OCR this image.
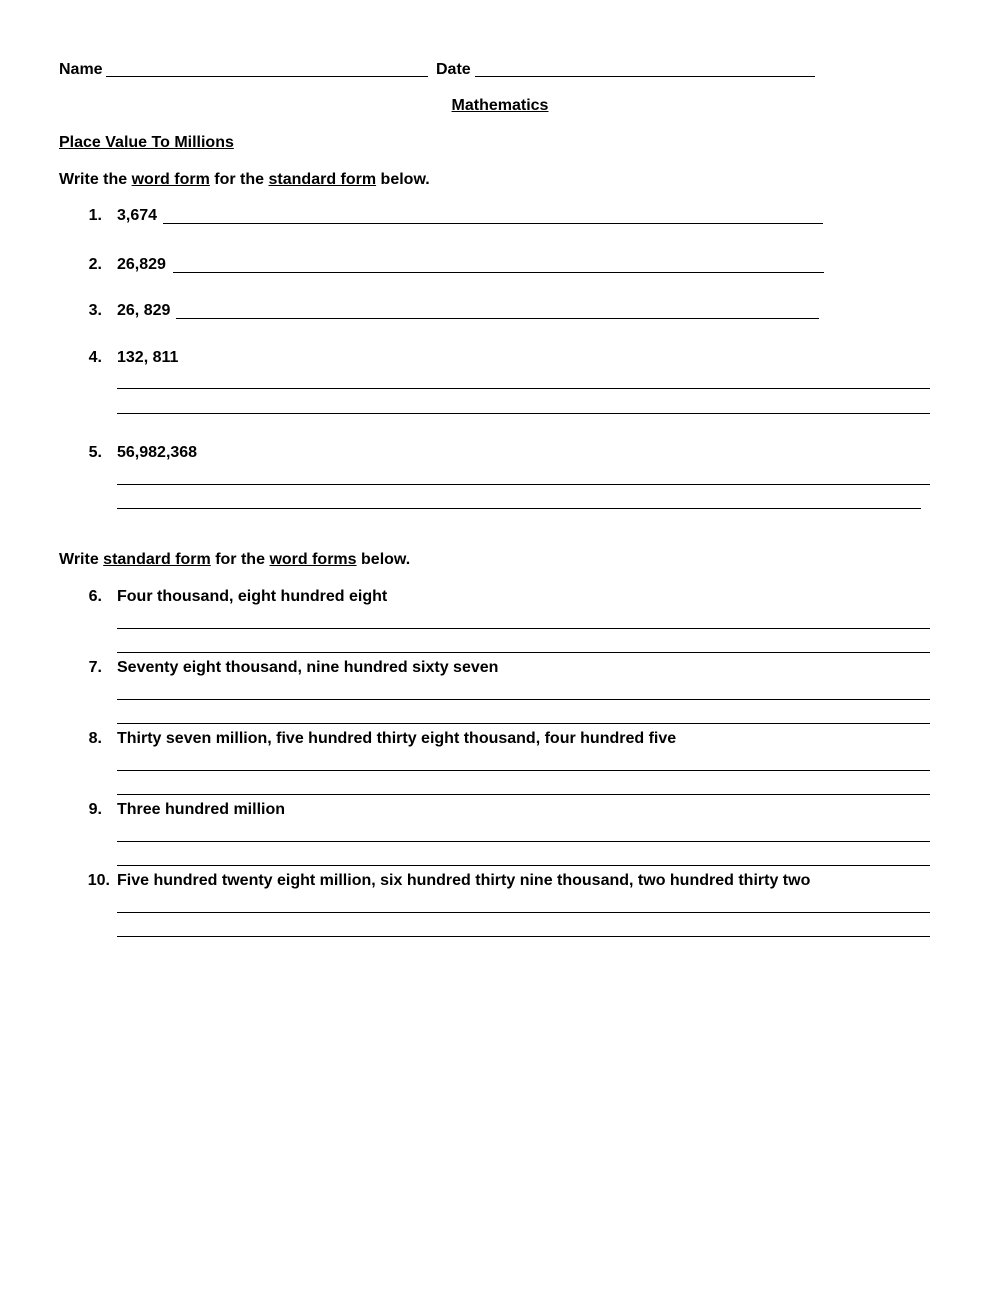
Name	Date
Mathematics
Place Value To Millions
Write the word form for the standard form below.
1. 3,674
2. 26,829
3. 26, 829
4. 132, 811
5. 56,982,368
Write standard form for the word forms below.
6. Four thousand, eight hundred eight
7. Seventy eight thousand, nine hundred sixty seven
8. Thirty seven million, five hundred thirty eight thousand, four hundred five
9. Three hundred million
10. Five hundred twenty eight million, six hundred thirty nine thousand, two hundred thirty two
